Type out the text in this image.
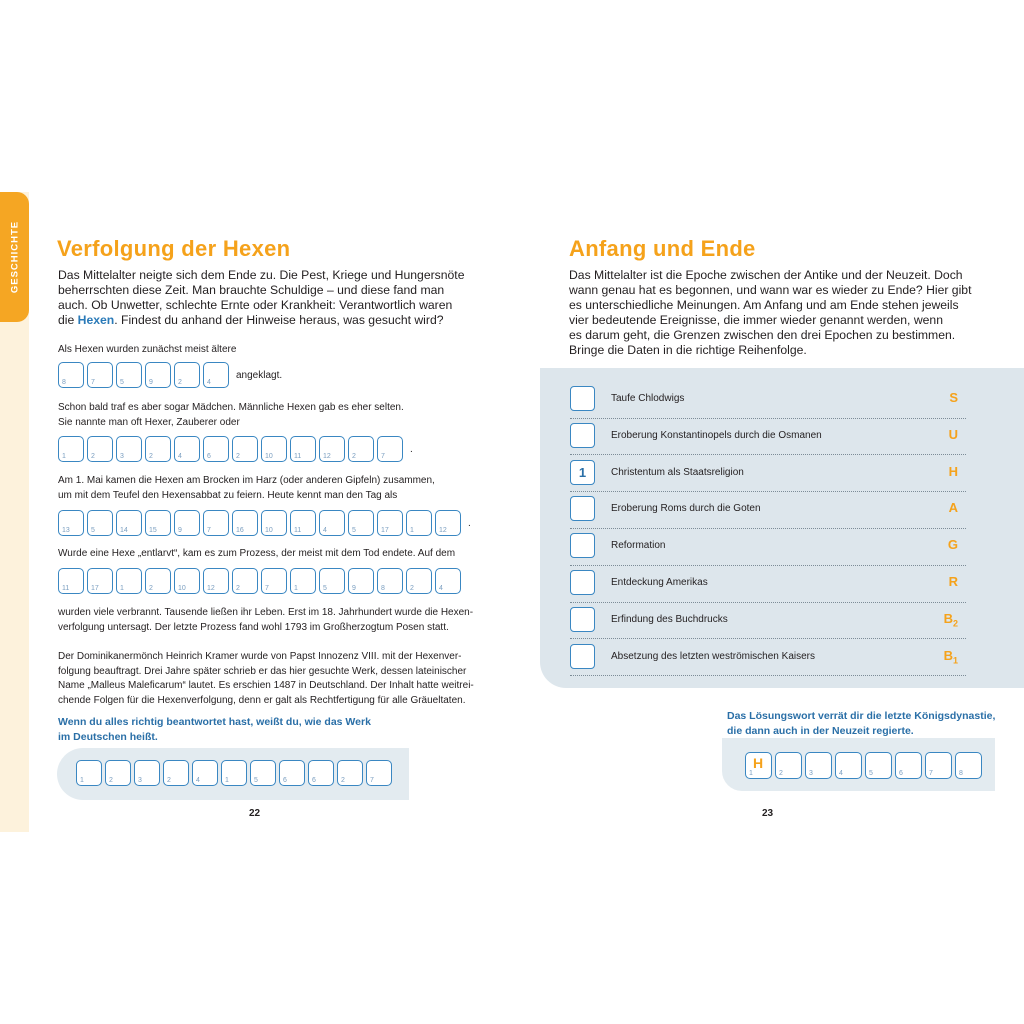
GESCHICHTE Verfolgung der Hexen
Das Mittelalter neigte sich dem Ende zu. Die Pest, Kriege und Hungersnöte
beherrschten diese Zeit. Man brauchte Schuldige – und diese fand man
auch. Ob Unwetter, schlechte Ernte oder Krankheit: Verantwortlich waren
die Hexen. Findest du anhand der Hinweise heraus, was gesucht wird?
Als Hexen wurden zunächst meist ältere
8	7	5	9	2	4
angeklagt.
Schon bald traf es aber sogar Mädchen. Männliche Hexen gab es eher selten.
Sie nannte man oft Hexer, Zauberer oder
1	2	3	2	4	6	2	10	11	12	2	7
.
Am 1. Mai kamen die Hexen am Brocken im Harz (oder anderen Gipfeln) zusammen,
um mit dem Teufel den Hexensabbat zu feiern. Heute kennt man den Tag als
13	5	14	15	9	7	16	10	11	4	5	17	1	12
.
Wurde eine Hexe „entlarvt“, kam es zum Prozess, der meist mit dem Tod endete. Auf dem
11	17	1	2	10	12	2	7	1	5	9	8	2	4
wurden viele verbrannt. Tausende ließen ihr Leben. Erst im 18. Jahrhundert wurde die Hexen-
verfolgung untersagt. Der letzte Prozess fand wohl 1793 im Großherzogtum Posen statt.
Der Dominikanermönch Heinrich Kramer wurde von Papst Innozenz VIII. mit der Hexenver-
folgung beauftragt. Drei Jahre später schrieb er das hier gesuchte Werk, dessen lateinischer
Name „Malleus Maleficarum“ lautet. Es erschien 1487 in Deutschland. Der Inhalt hatte weitrei-
chende Folgen für die Hexenverfolgung, denn er galt als Rechtfertigung für alle Gräueltaten.
Wenn du alles richtig beantwortet hast, weißt du, wie das Werk
im Deutschen heißt.
1	2	3	2	4	1	5	6	6	2	7
22
Anfang und Ende
Das Mittelalter ist die Epoche zwischen der Antike und der Neuzeit. Doch
wann genau hat es begonnen, und wann war es wieder zu Ende? Hier gibt
es unterschiedliche Meinungen. Am Anfang und am Ende stehen jeweils
vier bedeutende Ereignisse, die immer wieder genannt werden, wenn
es darum geht, die Grenzen zwischen den drei Epochen zu bestimmen.
Bringe die Daten in die richtige Reihenfolge.
Taufe Chlodwigs	S
Eroberung Konstantinopels durch die Osmanen	U
1	Christentum als Staatsreligion	H
Eroberung Roms durch die Goten	A
Reformation	G
Entdeckung Amerikas	R
Erfindung des Buchdrucks	$B_2$
Absetzung des letzten weströmischen Kaisers	$B_1$
Das Lösungswort verrät dir die letzte Königsdynastie,
die dann auch in der Neuzeit regierte.
1
H
2	3	4	5	6	7	8
23
